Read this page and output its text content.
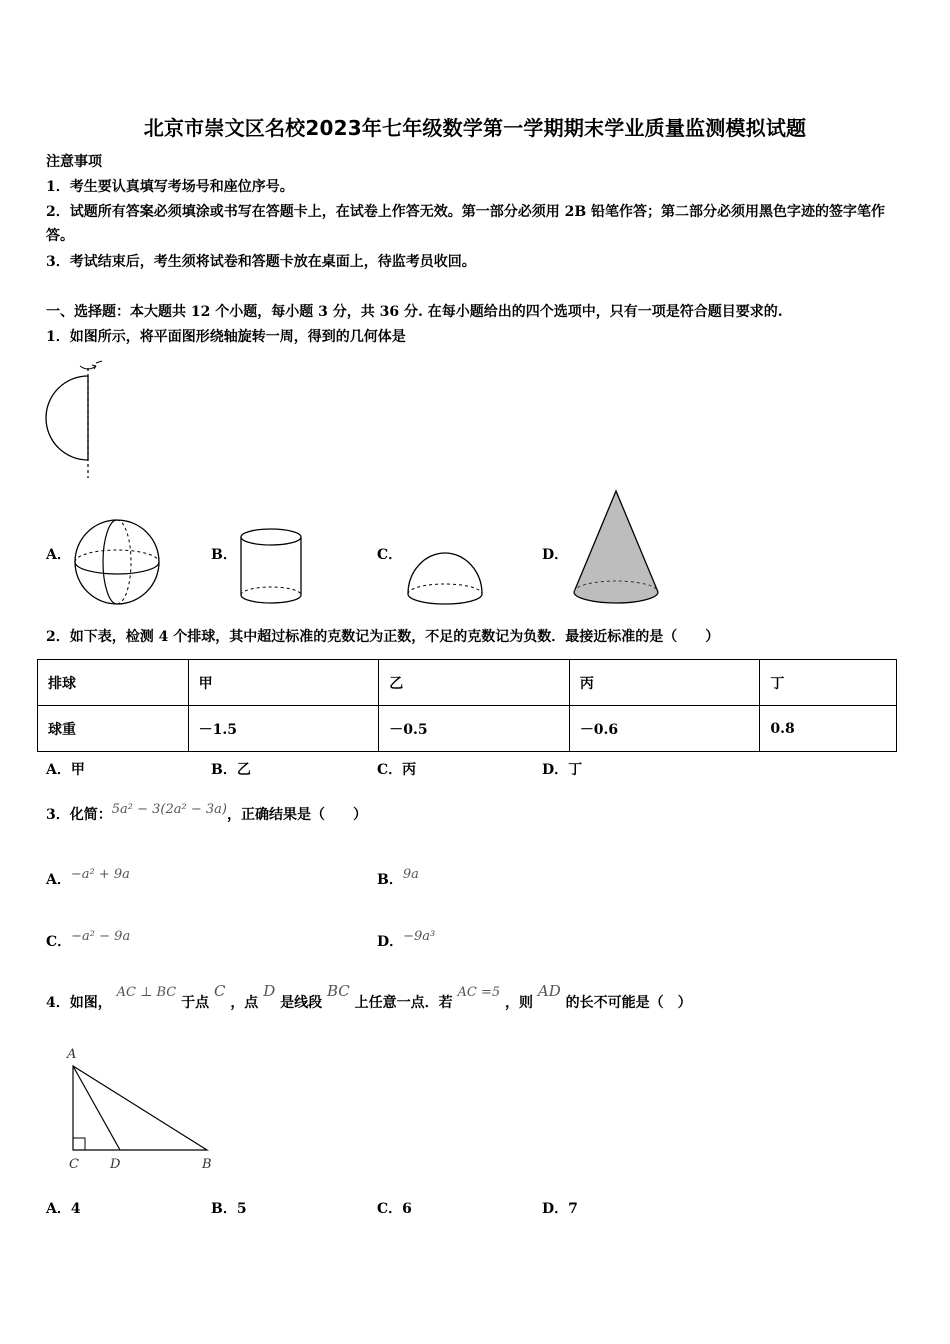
北京市崇文区名校2023年七年级数学第一学期期末学业质量监测模拟试题
注意事项
1．考生要认真填写考场号和座位序号。
2．试题所有答案必须填涂或书写在答题卡上，在试卷上作答无效。第一部分必须用 2B 铅笔作答；第二部分必须用黑色字迹的签字笔作答。
3．考试结束后，考生须将试卷和答题卡放在桌面上，待监考员收回。
一、选择题：本大题共 12 个小题，每小题 3 分，共 36 分. 在每小题给出的四个选项中，只有一项是符合题目要求的.
1．如图所示，将平面图形绕轴旋转一周，得到的几何体是
A．	B．	C．	D．
2．如下表，检测 4 个排球，其中超过标准的克数记为正数，不足的克数记为负数．最接近标准的是（　　）
排球	甲	乙	丙	丁
球重	－1.5	－0.5	－0.6	0.8
A．甲	B．乙	C．丙	D．丁
3．化简：5a² − 3(2a² − 3a)，正确结果是（　　）
A．−a² + 9a	B．9a
C．−a² − 9a	D．−9a³
4．如图， AC ⊥ BC 于点 C ，点 D 是线段 BC 上任意一点．若 AC =5 ，则 AD 的长不可能是（　）
A
C D	B
A．4	B．5	C．6	D．7
